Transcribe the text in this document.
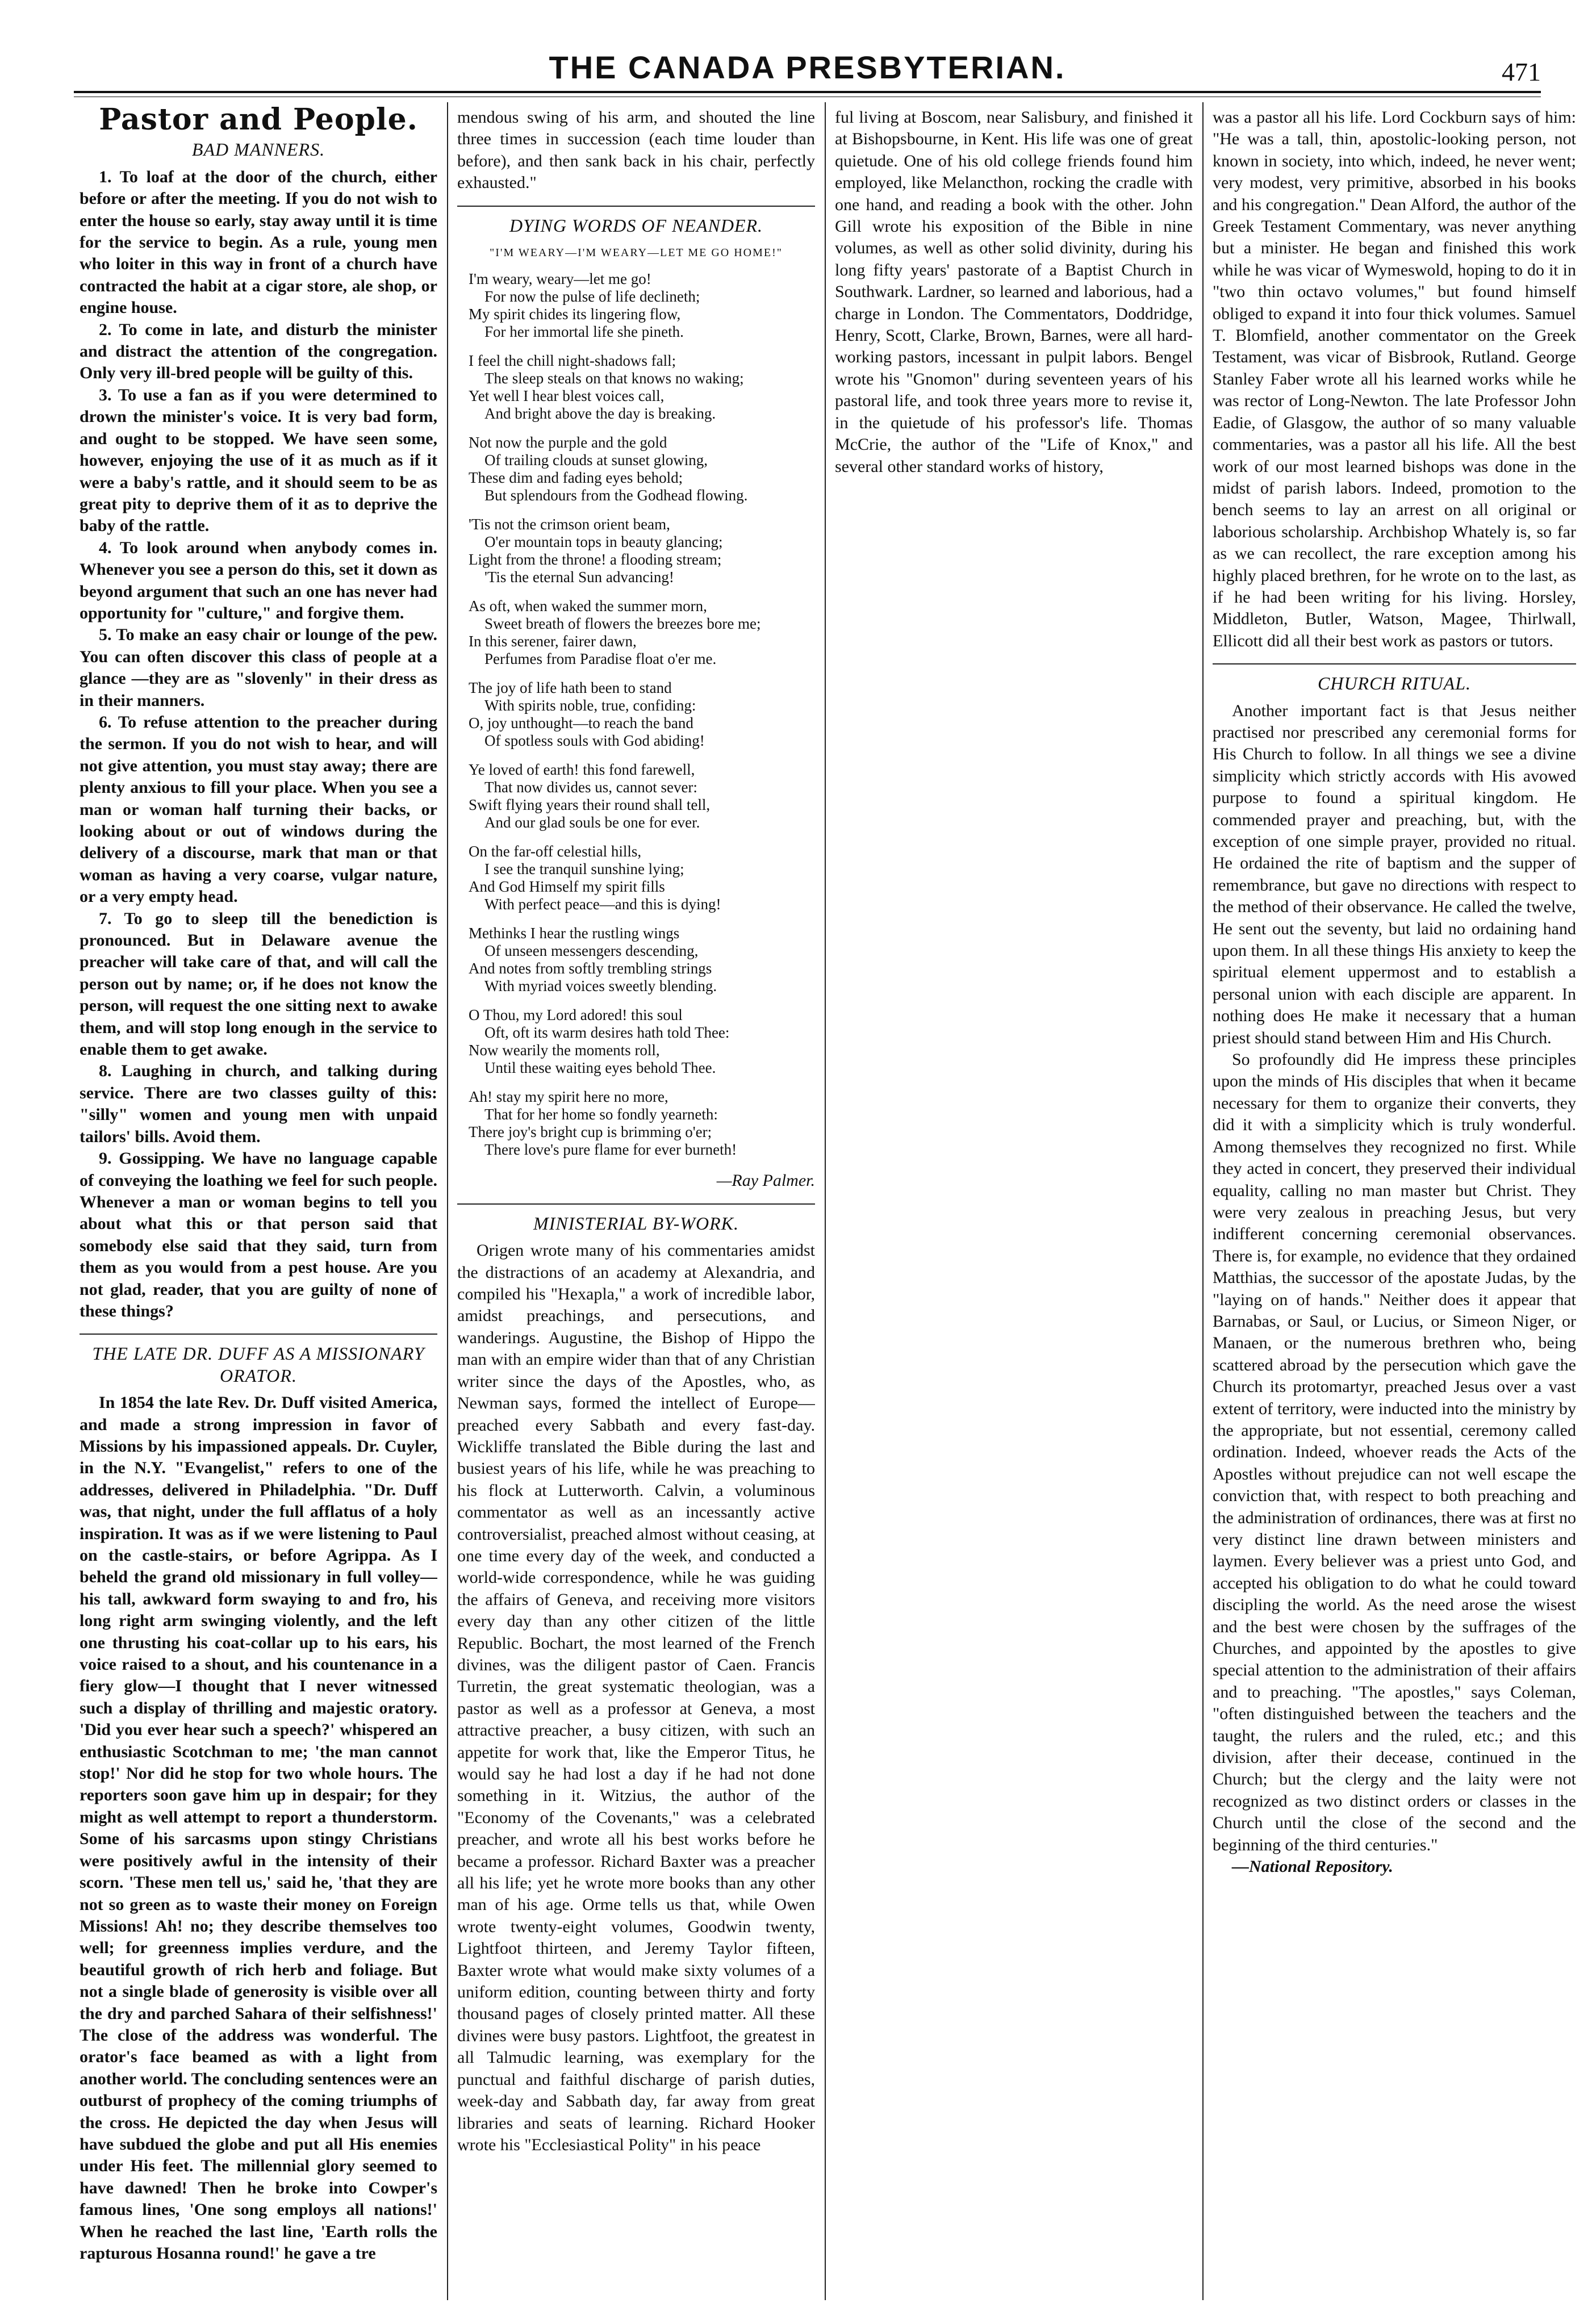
THE CANADA PRESBYTERIAN.	471
Pastor and People.
BAD MANNERS.

1. To loaf at the door of the church, either before or after the meeting. If you do not wish to enter the house so early, stay away until it is time for the service to begin. As a rule, young men who loiter in this way in front of a church have contracted the habit at a cigar store, ale shop, or engine house.

2. To come in late, and disturb the minister and distract the attention of the congregation. Only very ill-bred people will be guilty of this.

3. To use a fan as if you were determined to drown the minister's voice. It is very bad form, and ought to be stopped. We have seen some, however, enjoying the use of it as much as if it were a baby's rattle, and it should seem to be as great pity to deprive them of it as to deprive the baby of the rattle.

4. To look around when anybody comes in. Whenever you see a person do this, set it down as beyond argument that such an one has never had opportunity for "culture," and forgive them.

5. To make an easy chair or lounge of the pew. You can often discover this class of people at a glance —they are as "slovenly" in their dress as in their manners.

6. To refuse attention to the preacher during the sermon. If you do not wish to hear, and will not give attention, you must stay away; there are plenty anxious to fill your place. When you see a man or woman half turning their backs, or looking about or out of windows during the delivery of a discourse, mark that man or that woman as having a very coarse, vulgar nature, or a very empty head.

7. To go to sleep till the benediction is pronounced. But in Delaware avenue the preacher will take care of that, and will call the person out by name; or, if he does not know the person, will request the one sitting next to awake them, and will stop long enough in the service to enable them to get awake.

8. Laughing in church, and talking during service. There are two classes guilty of this: "silly" women and young men with unpaid tailors' bills. Avoid them.

9. Gossipping. We have no language capable of conveying the loathing we feel for such people. Whenever a man or woman begins to tell you about what this or that person said that somebody else said that they said, turn from them as you would from a pest house. Are you not glad, reader, that you are guilty of none of these things?

THE LATE DR. DUFF AS A MISSIONARY ORATOR.

In 1854 the late Rev. Dr. Duff visited America, and made a strong impression in favor of Missions by his impassioned appeals. Dr. Cuyler, in the N.Y. "Evangelist," refers to one of the addresses, delivered in Philadelphia. "Dr. Duff was, that night, under the full afflatus of a holy inspiration. It was as if we were listening to Paul on the castle-stairs, or before Agrippa. As I beheld the grand old missionary in full volley—his tall, awkward form swaying to and fro, his long right arm swinging violently, and the left one thrusting his coat-collar up to his ears, his voice raised to a shout, and his countenance in a fiery glow—I thought that I never witnessed such a display of thrilling and majestic oratory. 'Did you ever hear such a speech?' whispered an enthusiastic Scotchman to me; 'the man cannot stop!' Nor did he stop for two whole hours. The reporters soon gave him up in despair; for they might as well attempt to report a thunderstorm. Some of his sarcasms upon stingy Christians were positively awful in the intensity of their scorn. 'These men tell us,' said he, 'that they are not so green as to waste their money on Foreign Missions! Ah! no; they describe themselves too well; for greenness implies verdure, and the beautiful growth of rich herb and foliage. But not a single blade of generosity is visible over all the dry and parched Sahara of their selfishness!' The close of the address was wonderful. The orator's face beamed as with a light from another world. The concluding sentences were an outburst of prophecy of the coming triumphs of the cross. He depicted the day when Jesus will have subdued the globe and put all His enemies under His feet. The millennial glory seemed to have dawned! Then he broke into Cowper's famous lines, 'One song employs all nations!' When he reached the last line, 'Earth rolls the rapturous Hosanna round!' he gave a tre

mendous swing of his arm, and shouted the line three times in succession (each time louder than before), and then sank back in his chair, perfectly exhausted."

DYING WORDS OF NEANDER.
"I'M WEARY—I'M WEARY—LET ME GO HOME!"
I'm weary, weary—let me go!
For now the pulse of life declineth;
My spirit chides its lingering flow,
For her immortal life she pineth.
I feel the chill night-shadows fall;
The sleep steals on that knows no waking;
Yet well I hear blest voices call,
And bright above the day is breaking.
Not now the purple and the gold
Of trailing clouds at sunset glowing,
These dim and fading eyes behold;
But splendours from the Godhead flowing.
'Tis not the crimson orient beam,
O'er mountain tops in beauty glancing;
Light from the throne! a flooding stream;
'Tis the eternal Sun advancing!
As oft, when waked the summer morn,
Sweet breath of flowers the breezes bore me;
In this serener, fairer dawn,
Perfumes from Paradise float o'er me.
The joy of life hath been to stand
With spirits noble, true, confiding:
O, joy unthought—to reach the band
Of spotless souls with God abiding!
Ye loved of earth! this fond farewell,
That now divides us, cannot sever:
Swift flying years their round shall tell,
And our glad souls be one for ever.
On the far-off celestial hills,
I see the tranquil sunshine lying;
And God Himself my spirit fills
With perfect peace—and this is dying!
Methinks I hear the rustling wings
Of unseen messengers descending,
And notes from softly trembling strings
With myriad voices sweetly blending.
O Thou, my Lord adored! this soul
Oft, oft its warm desires hath told Thee:
Now wearily the moments roll,
Until these waiting eyes behold Thee.
Ah! stay my spirit here no more,
That for her home so fondly yearneth:
There joy's bright cup is brimming o'er;
There love's pure flame for ever burneth!
—Ray Palmer.
MINISTERIAL BY-WORK.

Origen wrote many of his commentaries amidst the distractions of an academy at Alexandria, and compiled his "Hexapla," a work of incredible labor, amidst preachings, and persecutions, and wanderings. Augustine, the Bishop of Hippo the man with an empire wider than that of any Christian writer since the days of the Apostles, who, as Newman says, formed the intellect of Europe—preached every Sabbath and every fast-day. Wickliffe translated the Bible during the last and busiest years of his life, while he was preaching to his flock at Lutterworth. Calvin, a voluminous commentator as well as an incessantly active controversialist, preached almost without ceasing, at one time every day of the week, and conducted a world-wide correspondence, while he was guiding the affairs of Geneva, and receiving more visitors every day than any other citizen of the little Republic. Bochart, the most learned of the French divines, was the diligent pastor of Caen. Francis Turretin, the great systematic theologian, was a pastor as well as a professor at Geneva, a most attractive preacher, a busy citizen, with such an appetite for work that, like the Emperor Titus, he would say he had lost a day if he had not done something in it. Witzius, the author of the "Economy of the Covenants," was a celebrated preacher, and wrote all his best works before he became a professor. Richard Baxter was a preacher all his life; yet he wrote more books than any other man of his age. Orme tells us that, while Owen wrote twenty-eight volumes, Goodwin twenty, Lightfoot thirteen, and Jeremy Taylor fifteen, Baxter wrote what would make sixty volumes of a uniform edition, counting between thirty and forty thousand pages of closely printed matter. All these divines were busy pastors. Lightfoot, the greatest in all Talmudic learning, was exemplary for the punctual and faithful discharge of parish duties, week-day and Sabbath day, far away from great libraries and seats of learning. Richard Hooker wrote his "Ecclesiastical Polity" in his peace

ful living at Boscom, near Salisbury, and finished it at Bishopsbourne, in Kent. His life was one of great quietude. One of his old college friends found him employed, like Melancthon, rocking the cradle with one hand, and reading a book with the other. John Gill wrote his exposition of the Bible in nine volumes, as well as other solid divinity, during his long fifty years' pastorate of a Baptist Church in Southwark. Lardner, so learned and laborious, had a charge in London. The Commentators, Doddridge, Henry, Scott, Clarke, Brown, Barnes, were all hard-working pastors, incessant in pulpit labors. Bengel wrote his "Gnomon" during seventeen years of his pastoral life, and took three years more to revise it, in the quietude of his professor's life. Thomas McCrie, the author of the "Life of Knox," and several other standard works of history,

was a pastor all his life. Lord Cockburn says of him: "He was a tall, thin, apostolic-looking person, not known in society, into which, indeed, he never went; very modest, very primitive, absorbed in his books and his congregation." Dean Alford, the author of the Greek Testament Commentary, was never anything but a minister. He began and finished this work while he was vicar of Wymeswold, hoping to do it in "two thin octavo volumes," but found himself obliged to expand it into four thick volumes. Samuel T. Blomfield, another commentator on the Greek Testament, was vicar of Bisbrook, Rutland. George Stanley Faber wrote all his learned works while he was rector of Long-Newton. The late Professor John Eadie, of Glasgow, the author of so many valuable commentaries, was a pastor all his life. All the best work of our most learned bishops was done in the midst of parish labors. Indeed, promotion to the bench seems to lay an arrest on all original or laborious scholarship. Archbishop Whately is, so far as we can recollect, the rare exception among his highly placed brethren, for he wrote on to the last, as if he had been writing for his living. Horsley, Middleton, Butler, Watson, Magee, Thirlwall, Ellicott did all their best work as pastors or tutors.

CHURCH RITUAL.

Another important fact is that Jesus neither practised nor prescribed any ceremonial forms for His Church to follow. In all things we see a divine simplicity which strictly accords with His avowed purpose to found a spiritual kingdom. He commended prayer and preaching, but, with the exception of one simple prayer, provided no ritual. He ordained the rite of baptism and the supper of remembrance, but gave no directions with respect to the method of their observance. He called the twelve, He sent out the seventy, but laid no ordaining hand upon them. In all these things His anxiety to keep the spiritual element uppermost and to establish a personal union with each disciple are apparent. In nothing does He make it necessary that a human priest should stand between Him and His Church.

So profoundly did He impress these principles upon the minds of His disciples that when it became necessary for them to organize their converts, they did it with a simplicity which is truly wonderful. Among themselves they recognized no first. While they acted in concert, they preserved their individual equality, calling no man master but Christ. They were very zealous in preaching Jesus, but very indifferent concerning ceremonial observances. There is, for example, no evidence that they ordained Matthias, the successor of the apostate Judas, by the "laying on of hands." Neither does it appear that Barnabas, or Saul, or Lucius, or Simeon Niger, or Manaen, or the numerous brethren who, being scattered abroad by the persecution which gave the Church its protomartyr, preached Jesus over a vast extent of territory, were inducted into the ministry by the appropriate, but not essential, ceremony called ordination. Indeed, whoever reads the Acts of the Apostles without prejudice can not well escape the conviction that, with respect to both preaching and the administration of ordinances, there was at first no very distinct line drawn between ministers and laymen. Every believer was a priest unto God, and accepted his obligation to do what he could toward discipling the world. As the need arose the wisest and the best were chosen by the suffrages of the Churches, and appointed by the apostles to give special attention to the administration of their affairs and to preaching. "The apostles," says Coleman, "often distinguished between the teachers and the taught, the rulers and the ruled, etc.; and this division, after their decease, continued in the Church; but the clergy and the laity were not recognized as two distinct orders or classes in the Church until the close of the second and the beginning of the third centuries."

—National Repository.
